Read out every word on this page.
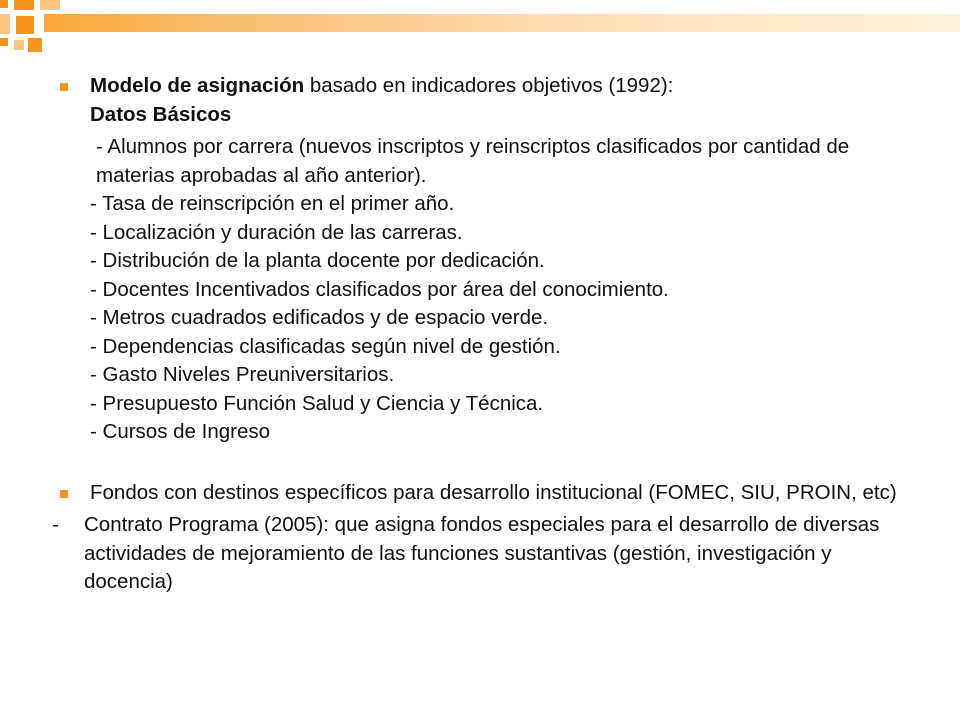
Modelo de asignación basado en indicadores objetivos (1992):
Datos Básicos
- Alumnos por carrera (nuevos inscriptos y reinscriptos clasificados por cantidad de materias aprobadas al año anterior).
- Tasa de reinscripción en el primer año.
- Localización y duración de las carreras.
- Distribución de la planta docente por dedicación.
- Docentes Incentivados clasificados por área del conocimiento.
- Metros cuadrados edificados y de espacio verde.
- Dependencias clasificadas según nivel de gestión.
- Gasto Niveles Preuniversitarios.
- Presupuesto Función Salud y Ciencia y Técnica.
- Cursos de Ingreso
Fondos con destinos específicos para desarrollo institucional (FOMEC, SIU, PROIN, etc)
- Contrato Programa (2005): que asigna fondos especiales para el desarrollo de diversas actividades de mejoramiento de las funciones sustantivas (gestión, investigación y docencia)
